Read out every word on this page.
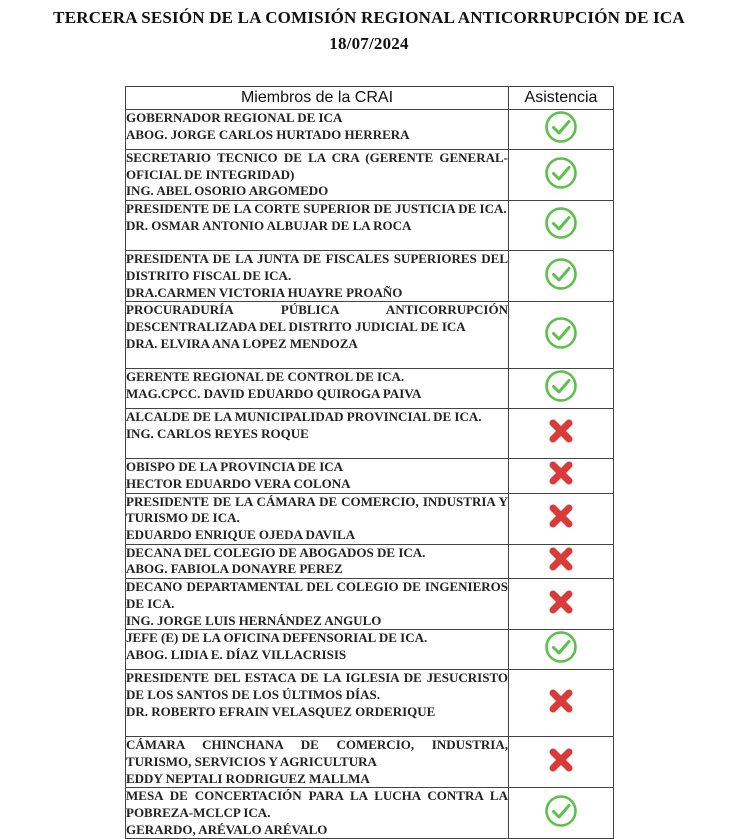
TERCERA SESIÓN DE LA COMISIÓN REGIONAL ANTICORRUPCIÓN DE ICA
18/07/2024
Miembros de la CRAI	Asistencia

GOBERNADOR REGIONAL DE ICA
ABOG. JORGE CARLOS HURTADO HERRERA

SECRETARIO TECNICO DE LA CRA (GERENTE GENERAL-OFICIAL DE INTEGRIDAD)
ING. ABEL OSORIO ARGOMEDO

PRESIDENTE DE LA CORTE SUPERIOR DE JUSTICIA DE ICA.
DR. OSMAR ANTONIO ALBUJAR DE LA ROCA

PRESIDENTA DE LA JUNTA DE FISCALES SUPERIORES DEL DISTRITO FISCAL DE ICA.
DRA.CARMEN VICTORIA HUAYRE PROAÑO

PROCURADURÍA PÚBLICA ANTICORRUPCIÓN DESCENTRALIZADA DEL DISTRITO JUDICIAL DE ICA
DRA. ELVIRA ANA LOPEZ MENDOZA

GERENTE REGIONAL DE CONTROL DE ICA.
MAG.CPCC. DAVID EDUARDO QUIROGA PAIVA

ALCALDE DE LA MUNICIPALIDAD PROVINCIAL DE ICA.
ING. CARLOS REYES ROQUE

OBISPO DE LA PROVINCIA DE ICA
HECTOR EDUARDO VERA COLONA

PRESIDENTE DE LA CÁMARA DE COMERCIO, INDUSTRIA Y TURISMO DE ICA.
EDUARDO ENRIQUE OJEDA DAVILA

DECANA DEL COLEGIO DE ABOGADOS DE ICA.
ABOG. FABIOLA DONAYRE PEREZ

DECANO DEPARTAMENTAL DEL COLEGIO DE INGENIEROS DE ICA.
ING. JORGE LUIS HERNÁNDEZ ANGULO

JEFE (E) DE LA OFICINA DEFENSORIAL DE ICA.
ABOG. LIDIA E. DÍAZ VILLACRISIS

PRESIDENTE DEL ESTACA DE LA IGLESIA DE JESUCRISTO DE LOS SANTOS DE LOS ÚLTIMOS DÍAS.
DR. ROBERTO EFRAIN VELASQUEZ ORDERIQUE

CÁMARA CHINCHANA DE COMERCIO, INDUSTRIA, TURISMO, SERVICIOS Y AGRICULTURA
EDDY NEPTALI RODRIGUEZ MALLMA

MESA DE CONCERTACIÓN PARA LA LUCHA CONTRA LA POBREZA-MCLCP ICA.
GERARDO, ARÉVALO ARÉVALO
